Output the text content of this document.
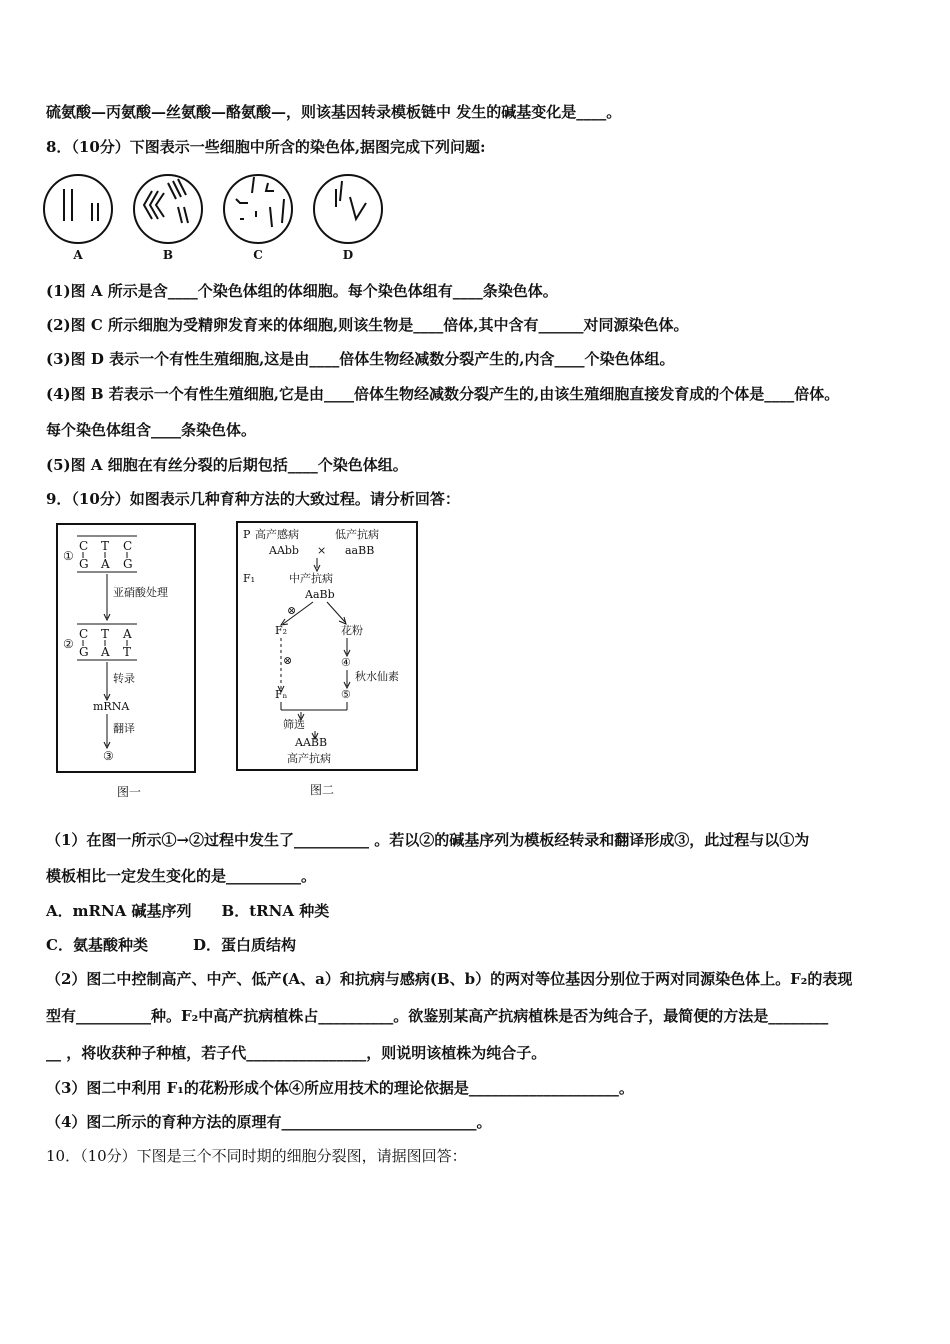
硫氨酸—丙氨酸—丝氨酸—酪氨酸—，则该基因转录模板链中 发生的碱基变化是____。
8．（10分）下图表示一些细胞中所含的染色体,据图完成下列问题:
A	B	C	D
(1)图 A 所示是含____个染色体组的体细胞。每个染色体组有____条染色体。
(2)图 C 所示细胞为受精卵发育来的体细胞,则该生物是____倍体,其中含有______对同源染色体。
(3)图 D 表示一个有性生殖细胞,这是由____倍体生物经减数分裂产生的,内含____个染色体组。
(4)图 B 若表示一个有性生殖细胞,它是由____倍体生物经减数分裂产生的,由该生殖细胞直接发育成的个体是____倍体。
每个染色体组含____条染色体。
(5)图 A 细胞在有丝分裂的后期包括____个染色体组。
9．（10分）如图表示几种育种方法的大致过程。请分析回答：
①
②
C T C
G A G
C T A
G A T
亚硝酸处理
转录
mRNA
翻译
③
图一
P 高产感病	低产抗病
AAbb × aaBB
F₁	中产抗病
AaBb
⊗
F₂	花粉
⊗	④
秋水仙素
⑤
Fₙ
筛选
AABB
高产抗病
图二
（1）在图一所示①→②过程中发生了__________ 。若以②的碱基序列为模板经转录和翻译形成③，此过程与以①为
模板相比一定发生变化的是__________。
A．mRNA 碱基序列　　B．tRNA 种类
C．氨基酸种类　　　D．蛋白质结构
（2）图二中控制高产、中产、低产(A、a）和抗病与感病(B、b）的两对等位基因分别位于两对同源染色体上。F₂的表现
型有__________种。F₂中高产抗病植株占__________。欲鉴别某高产抗病植株是否为纯合子，最简便的方法是________
__ ，将收获种子种植，若子代________________，则说明该植株为纯合子。
（3）图二中利用 F₁的花粉形成个体④所应用技术的理论依据是____________________。
（4）图二所示的育种方法的原理有__________________________。
10．（10分）下图是三个不同时期的细胞分裂图，请据图回答：
